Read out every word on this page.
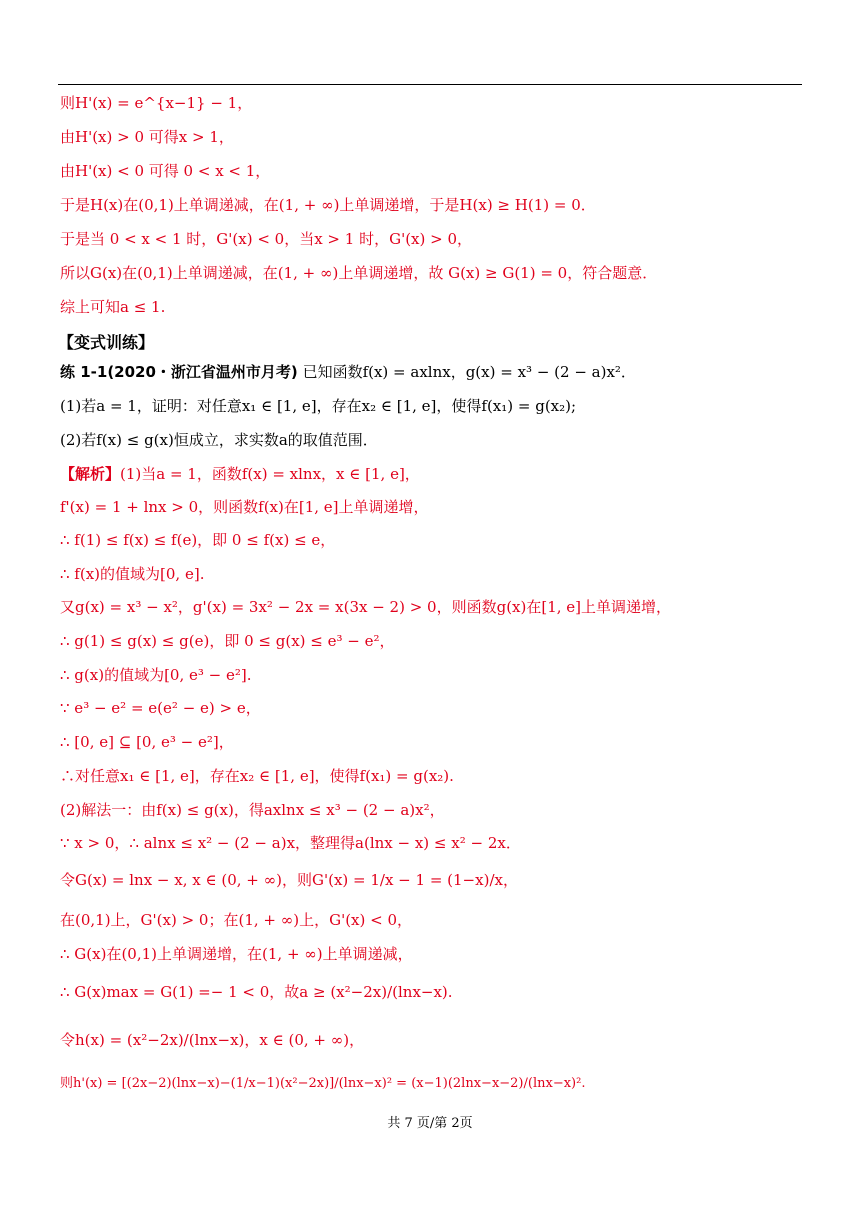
则H'(x) = e^{x−1} − 1，
由H'(x) > 0 可得x > 1，
由H'(x) < 0 可得 0 < x < 1，
于是H(x)在(0,1)上单调递减，在(1, + ∞)上单调递增，于是H(x) ≥ H(1) = 0．
于是当 0 < x < 1 时，G'(x) < 0，当x > 1 时，G'(x) > 0，
所以G(x)在(0,1)上单调递减，在(1, + ∞)上单调递增，故 G(x) ≥ G(1) = 0，符合题意．
综上可知a ≤ 1.
【变式训练】
练 1-1(2020・浙江省温州市月考) 已知函数f(x) = axlnx，g(x) = x³ − (2 − a)x²．
(1)若a = 1，证明：对任意x₁ ∈ [1, e]，存在x₂ ∈ [1, e]，使得f(x₁) = g(x₂);
(2)若f(x) ≤ g(x)恒成立，求实数a的取值范围．
【解析】(1)当a = 1，函数f(x) = xlnx，x ∈ [1, e]，
f'(x) = 1 + lnx > 0，则函数f(x)在[1, e]上单调递增，
∴ f(1) ≤ f(x) ≤ f(e)，即 0 ≤ f(x) ≤ e，
∴ f(x)的值域为[0, e].
又g(x) = x³ − x²，g'(x) = 3x² − 2x = x(3x − 2) > 0，则函数g(x)在[1, e]上单调递增，
∴ g(1) ≤ g(x) ≤ g(e)，即 0 ≤ g(x) ≤ e³ − e²，
∴ g(x)的值域为[0, e³ − e²].
∵ e³ − e² = e(e² − e) > e，
∴ [0, e] ⊆ [0, e³ − e²]，
∴对任意x₁ ∈ [1, e]，存在x₂ ∈ [1, e]，使得f(x₁) = g(x₂).
(2)解法一：由f(x) ≤ g(x)，得axlnx ≤ x³ − (2 − a)x²，
∵ x > 0，∴ alnx ≤ x² − (2 − a)x，整理得a(lnx − x) ≤ x² − 2x．
令G(x) = lnx − x, x ∈ (0, + ∞)，则G'(x) = 1/x − 1 = (1−x)/x，
在(0,1)上，G'(x) > 0；在(1, + ∞)上，G'(x) < 0，
∴ G(x)在(0,1)上单调递增，在(1, + ∞)上单调递减，
∴ G(x)max = G(1) =− 1 < 0，故a ≥ (x²−2x)/(lnx−x).
令h(x) = (x²−2x)/(lnx−x)，x ∈ (0, + ∞)，
则h'(x) = [(2x−2)(lnx−x)−(1/x−1)(x²−2x)]/(lnx−x)² = (x−1)(2lnx−x−2)/(lnx−x)².
共 7 页/第 2页
